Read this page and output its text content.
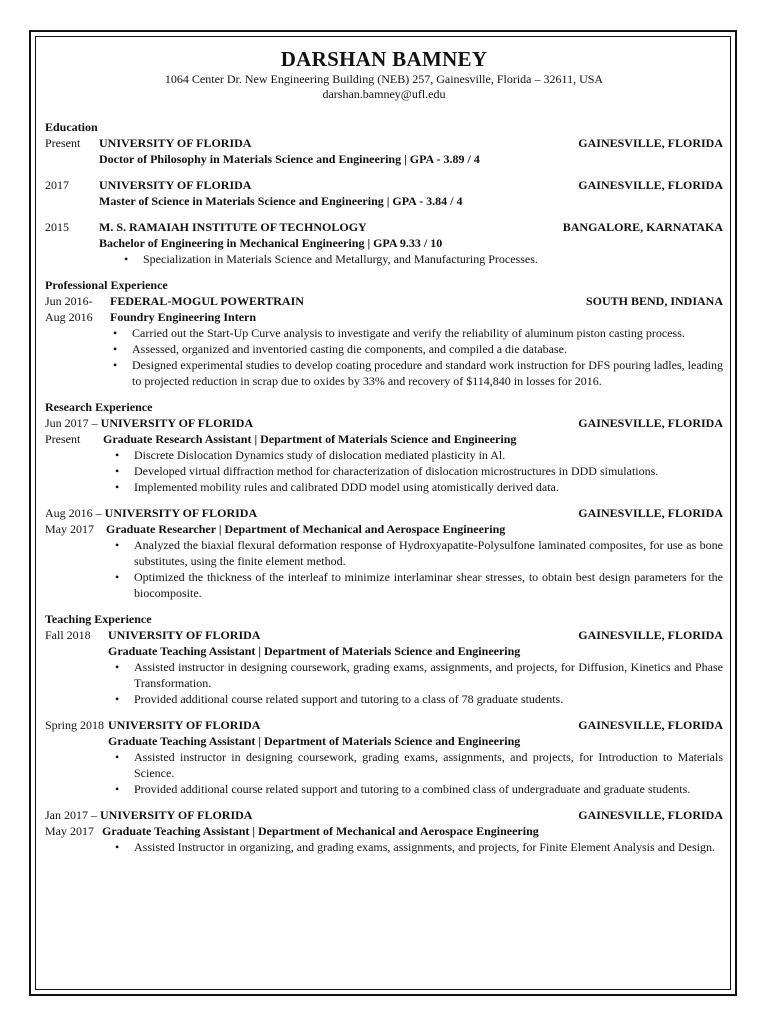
DARSHAN BAMNEY

1064 Center Dr. New Engineering Building (NEB) 257, Gainesville, Florida – 32611, USA

darshan.bamney@ufl.edu

Education
Present	UNIVERSITY OF FLORIDA	GAINESVILLE, FLORIDA
Doctor of Philosophy in Materials Science and Engineering | GPA - 3.89 / 4
2017	UNIVERSITY OF FLORIDA	GAINESVILLE, FLORIDA
Master of Science in Materials Science and Engineering | GPA - 3.84 / 4
2015	M. S. RAMAIAH INSTITUTE OF TECHNOLOGY	BANGALORE, KARNATAKA
Bachelor of Engineering in Mechanical Engineering | GPA 9.33 / 10
• Specialization in Materials Science and Metallurgy, and Manufacturing Processes.
Professional Experience
Jun 2016-	FEDERAL-MOGUL POWERTRAIN	SOUTH BEND, INDIANA
Aug 2016	Foundry Engineering Intern
• Carried out the Start-Up Curve analysis to investigate and verify the reliability of aluminum piston casting process.
• Assessed, organized and inventoried casting die components, and compiled a die database.
• Designed experimental studies to develop coating procedure and standard work instruction for DFS pouring ladles, leading to projected reduction in scrap due to oxides by 33% and recovery of $114,840 in losses for 2016.
Research Experience
Jun 2017 – UNIVERSITY OF FLORIDA	GAINESVILLE, FLORIDA
Present	Graduate Research Assistant | Department of Materials Science and Engineering
• Discrete Dislocation Dynamics study of dislocation mediated plasticity in Al.
• Developed virtual diffraction method for characterization of dislocation microstructures in DDD simulations.
• Implemented mobility rules and calibrated DDD model using atomistically derived data.
Aug 2016 – UNIVERSITY OF FLORIDA	GAINESVILLE, FLORIDA
May 2017	Graduate Researcher | Department of Mechanical and Aerospace Engineering
• Analyzed the biaxial flexural deformation response of Hydroxyapatite-Polysulfone laminated composites, for use as bone substitutes, using the finite element method.
• Optimized the thickness of the interleaf to minimize interlaminar shear stresses, to obtain best design parameters for the biocomposite.
Teaching Experience
Fall 2018	UNIVERSITY OF FLORIDA	GAINESVILLE, FLORIDA
Graduate Teaching Assistant | Department of Materials Science and Engineering
• Assisted instructor in designing coursework, grading exams, assignments, and projects, for Diffusion, Kinetics and Phase Transformation.
• Provided additional course related support and tutoring to a class of 78 graduate students.
Spring 2018 UNIVERSITY OF FLORIDA	GAINESVILLE, FLORIDA
Graduate Teaching Assistant | Department of Materials Science and Engineering
• Assisted instructor in designing coursework, grading exams, assignments, and projects, for Introduction to Materials Science.
• Provided additional course related support and tutoring to a combined class of undergraduate and graduate students.
Jan 2017 – UNIVERSITY OF FLORIDA	GAINESVILLE, FLORIDA
May 2017 Graduate Teaching Assistant | Department of Mechanical and Aerospace Engineering
• Assisted Instructor in organizing, and grading exams, assignments, and projects, for Finite Element Analysis and Design.
